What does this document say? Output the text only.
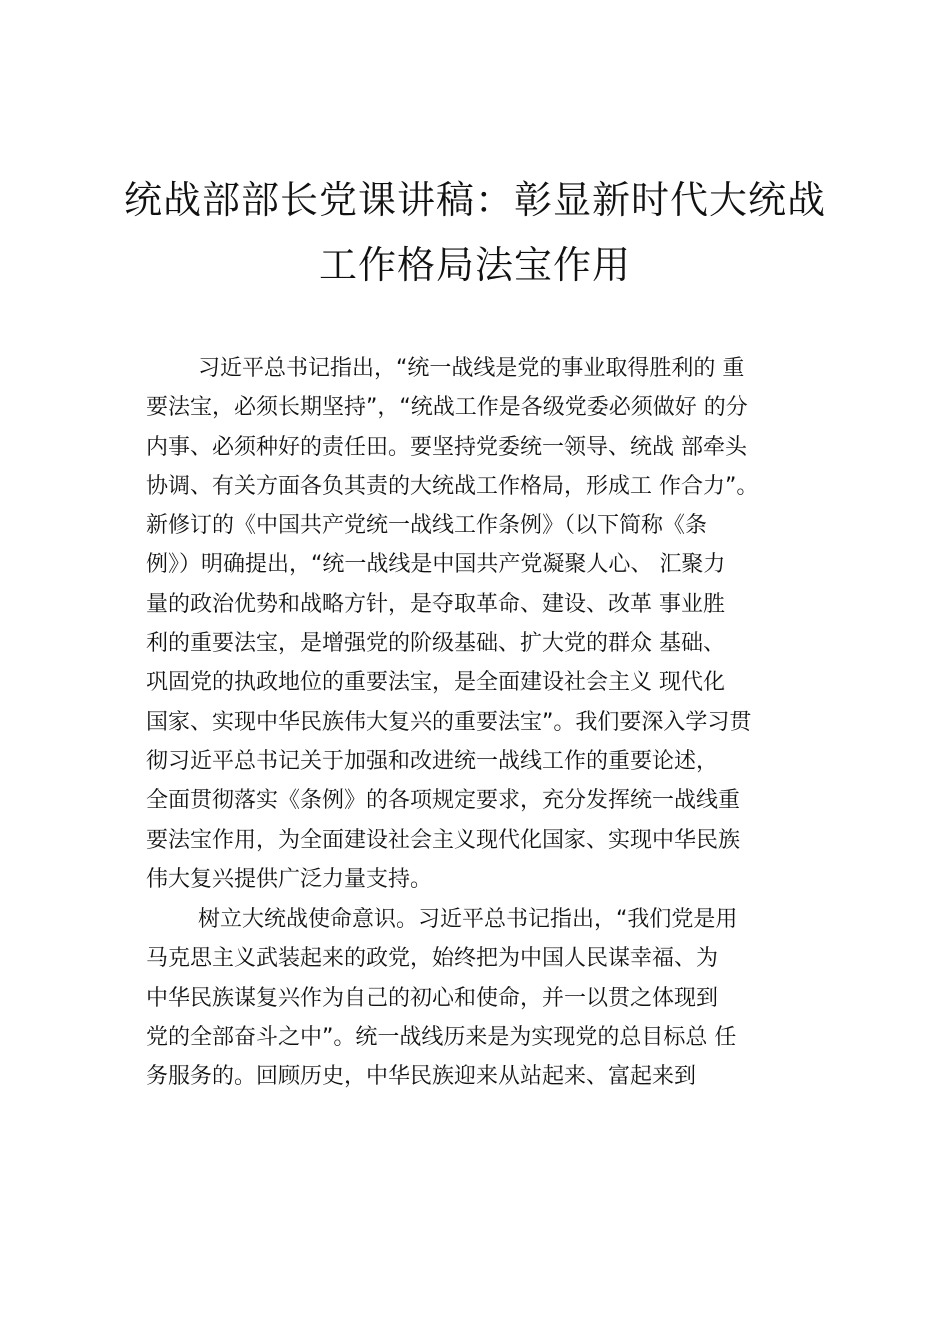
统战部部长党课讲稿：彰显新时代大统战
工作格局法宝作用
习近平总书记指出，“统一战线是党的事业取得胜利的 重
要法宝，必须长期坚持”，“统战工作是各级党委必须做好 的分
内事、必须种好的责任田。要坚持党委统一领导、统战 部牵头
协调、有关方面各负其责的大统战工作格局，形成工 作合力”。
新修订的《中国共产党统一战线工作条例》（以下简称《条
例》）明确提出，“统一战线是中国共产党凝聚人心、 汇聚力
量的政治优势和战略方针，是夺取革命、建设、改革 事业胜
利的重要法宝，是增强党的阶级基础、扩大党的群众 基础、
巩固党的执政地位的重要法宝，是全面建设社会主义 现代化
国家、实现中华民族伟大复兴的重要法宝”。我们要深入学习贯
彻习近平总书记关于加强和改进统一战线工作的重要论述，
全面贯彻落实《条例》的各项规定要求，充分发挥统一战线重
要法宝作用，为全面建设社会主义现代化国家、实现中华民族
伟大复兴提供广泛力量支持。
树立大统战使命意识。习近平总书记指出，“我们党是用
马克思主义武装起来的政党，始终把为中国人民谋幸福、为
中华民族谋复兴作为自己的初心和使命，并一以贯之体现到
党的全部奋斗之中”。统一战线历来是为实现党的总目标总 任
务服务的。回顾历史，中华民族迎来从站起来、富起来到
